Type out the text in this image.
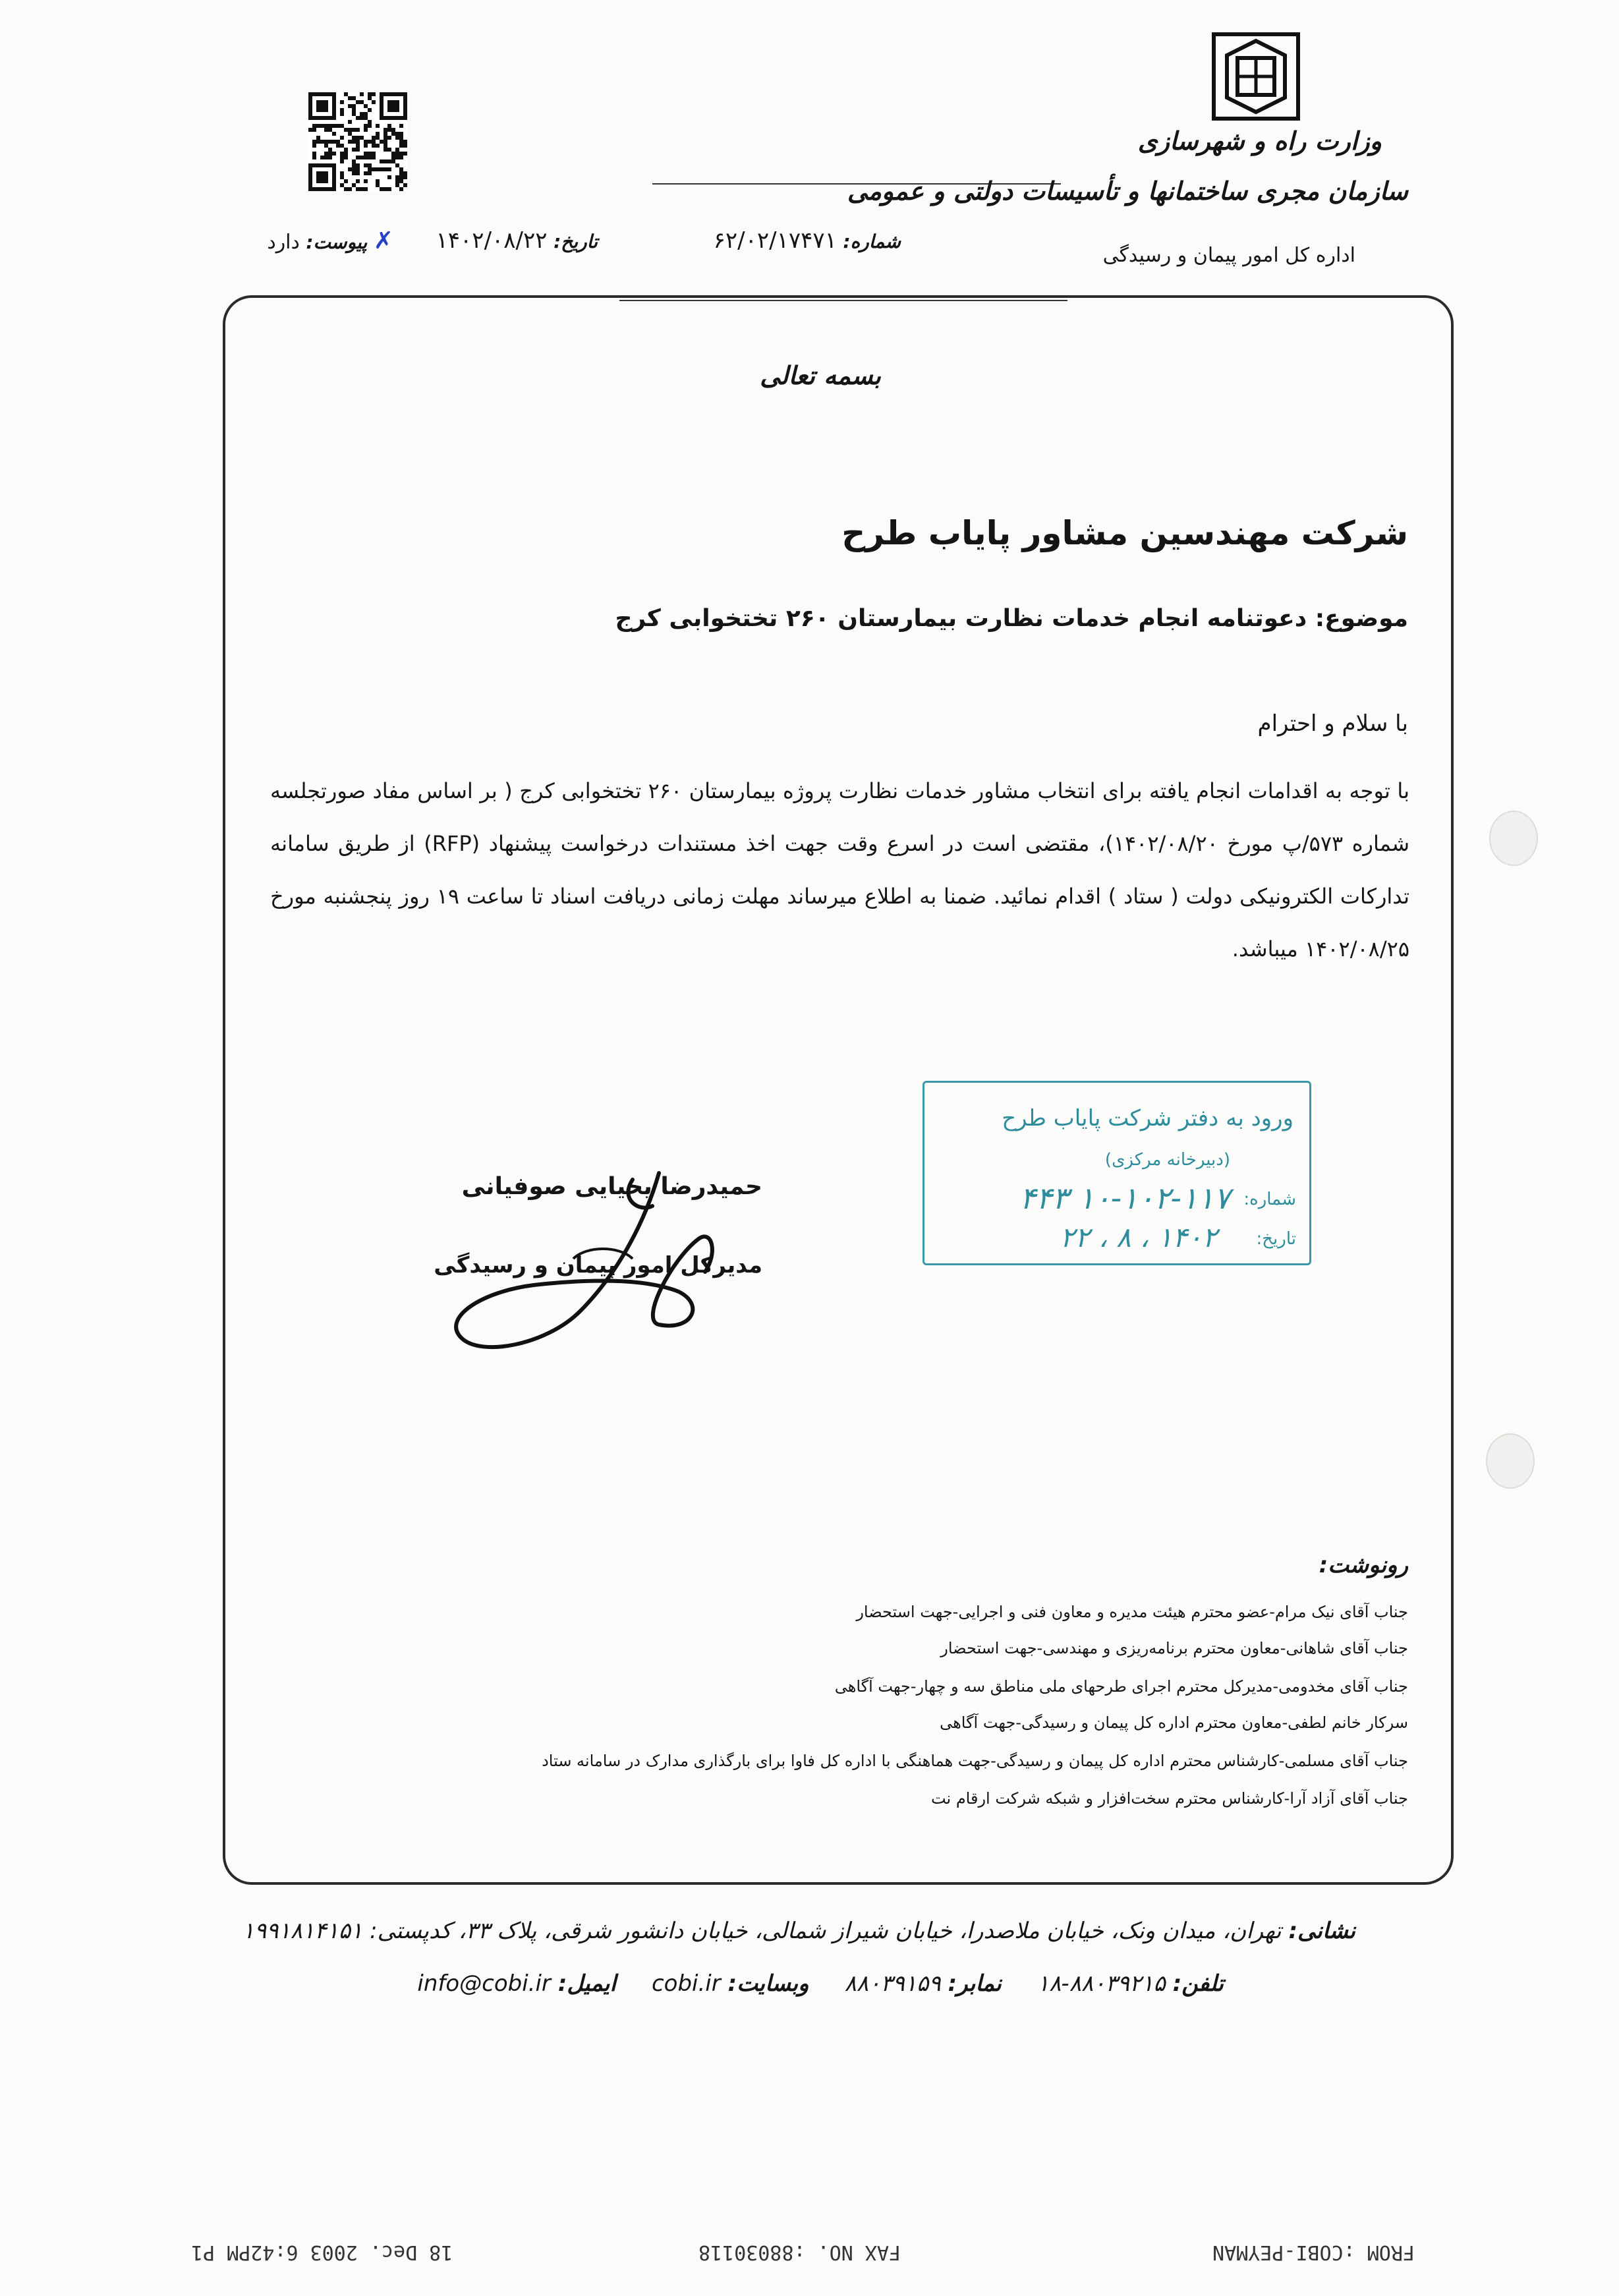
وزارت راه و شهرسازی
سازمان مجری ساختمانها و تأسیسات دولتی و عمومی
اداره کل امور پیمان و رسیدگی
شماره: ۶۲/۰۲/۱۷۴۷۱
تاریخ: ۱۴۰۲/۰۸/۲۲
✗ پیوست: دارد
بسمه تعالی
شرکت مهندسین مشاور پایاب طرح
موضوع: دعوتنامه انجام خدمات نظارت بیمارستان ۲۶۰ تختخوابی کرج
با سلام و احترام
با توجه به اقدامات انجام یافته برای انتخاب مشاور خدمات نظارت پروژه بیمارستان ۲۶۰ تختخوابی کرج ( بر اساس مفاد صورتجلسه شماره ۵۷۳/پ مورخ ۱۴۰۲/۰۸/۲۰)، مقتضی است در اسرع وقت جهت اخذ مستندات درخواست پیشنهاد (RFP) از طریق سامانه تدارکات الکترونیکی دولت ( ستاد ) اقدام نمائید. ضمنا به اطلاع میرساند مهلت زمانی دریافت اسناد تا ساعت ۱۹ روز پنجشنبه مورخ ۱۴۰۲/۰۸/۲۵ میباشد.
ورود به دفتر شرکت پایاب طرح
(دبیرخانه مرکزی)
شماره:
۱۰-۱۰۲-۱۱۷ ۴۴۳
تاریخ:
۱۴۰۲ ، ۸ ، ۲۲
حمیدرضا یحیایی صوفیانی
مدیرکل امور پیمان و رسیدگی
رونوشت:
جناب آقای نیک مرام-عضو محترم هیئت مدیره و معاون فنی و اجرایی-جهت استحضار
جناب آقای شاهانی-معاون محترم برنامه‌ریزی و مهندسی-جهت استحضار
جناب آقای مخدومی-مدیرکل محترم اجرای طرحهای ملی مناطق سه و چهار-جهت آگاهی
سرکار خانم لطفی-معاون محترم اداره کل پیمان و رسیدگی-جهت آگاهی
جناب آقای مسلمی-کارشناس محترم اداره کل پیمان و رسیدگی-جهت هماهنگی با اداره کل فاوا برای بارگذاری مدارک در سامانه ستاد
جناب آقای آزاد آرا-کارشناس محترم سخت‌افزار و شبکه شرکت ارقام نت
نشانی: تهران، میدان ونک، خیابان ملاصدرا، خیابان شیراز شمالی، خیابان دانشور شرقی، پلاک ۳۳، کدپستی: ۱۹۹۱۸۱۴۱۵۱
تلفن: ۸۸۰۳۹۲۱۵-۱۸     نمابر: ۸۸۰۳۹۱۵۹     وبسایت: cobi.ir     ایمیل: info@cobi.ir
FROM :COBI-PEYMAN
FAX NO. :88030118
18 Dec. 2003 6:42PM P1
